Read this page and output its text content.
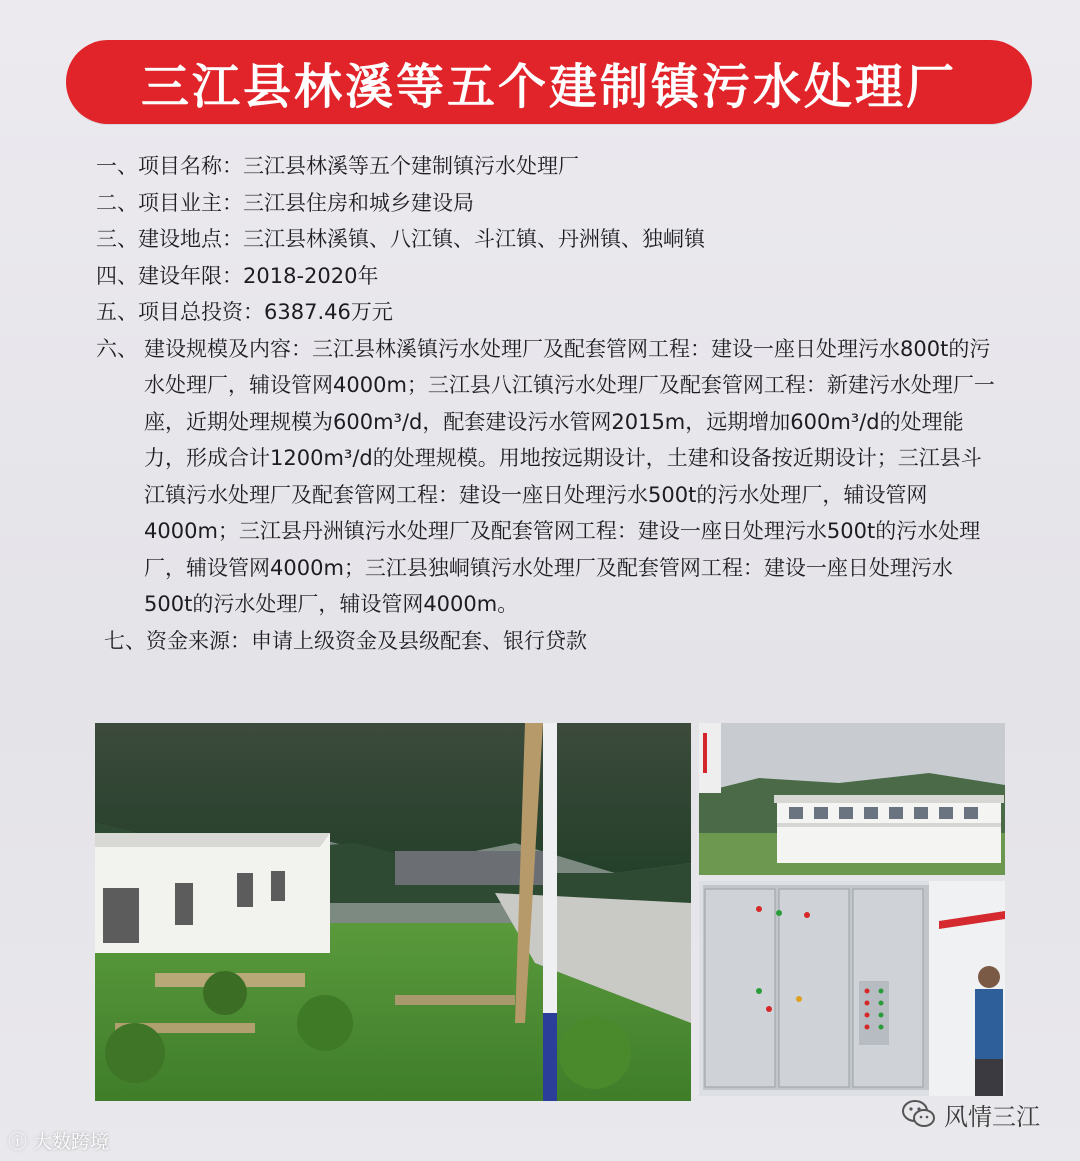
三江县林溪等五个建制镇污水处理厂
一、 项目名称：三江县林溪等五个建制镇污水处理厂
二、 项目业主：三江县住房和城乡建设局
三、 建设地点：三江县林溪镇、八江镇、斗江镇、丹洲镇、独峒镇
四、 建设年限：2018-2020年
五、 项目总投资：6387.46万元
六、 建设规模及内容：三江县林溪镇污水处理厂及配套管网工程：建设一座日处理污水800t的污水处理厂，辅设管网4000m；三江县八江镇污水处理厂及配套管网工程：新建污水处理厂一座，近期处理规模为600m³/d，配套建设污水管网2015m，远期增加600m³/d的处理能力，形成合计1200m³/d的处理规模。用地按远期设计，土建和设备按近期设计；三江县斗江镇污水处理厂及配套管网工程：建设一座日处理污水500t的污水处理厂，辅设管网4000m；三江县丹洲镇污水处理厂及配套管网工程：建设一座日处理污水500t的污水处理厂，辅设管网4000m；三江县独峒镇污水处理厂及配套管网工程：建设一座日处理污水500t的污水处理厂，辅设管网4000m。
七、 资金来源：申请上级资金及县级配套、银行贷款
ⓘ 大数跨境
风情三江
